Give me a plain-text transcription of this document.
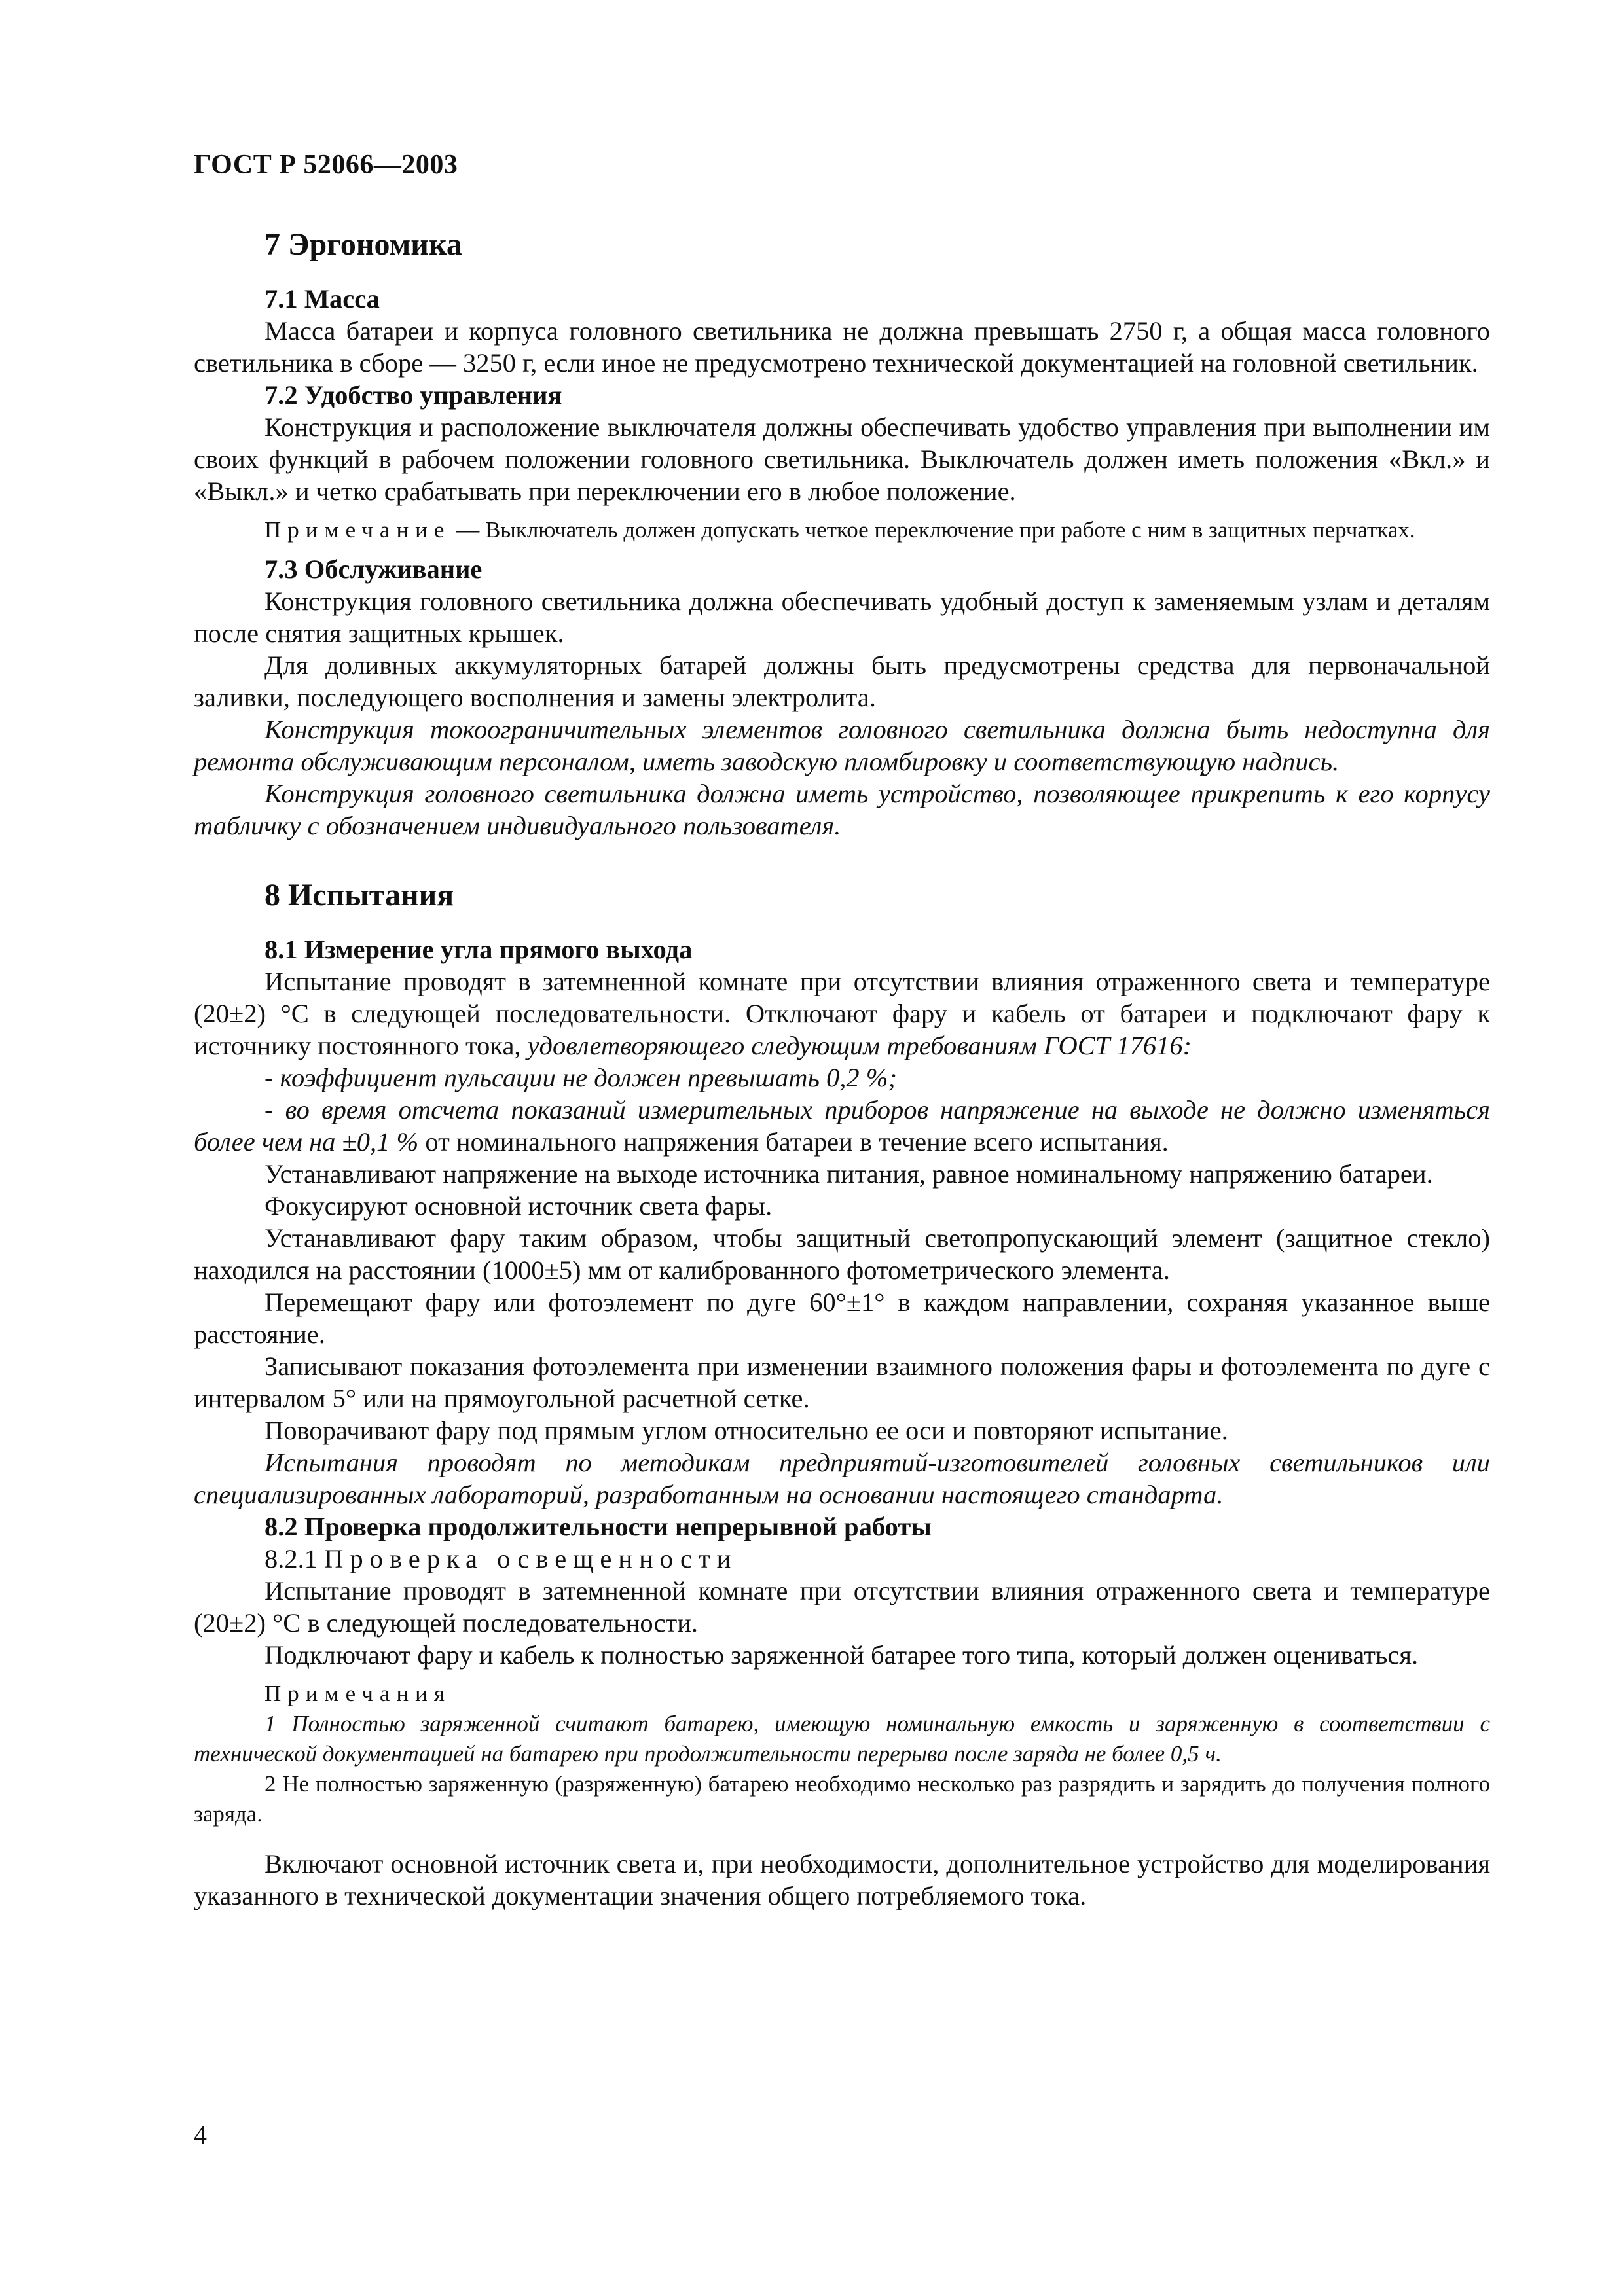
ГОСТ Р 52066—2003

7 Эргономика

7.1 Масса

Масса батареи и корпуса головного светильника не должна превышать 2750 г, а общая масса головного светильника в сборе — 3250 г, если иное не предусмотрено технической документацией на головной светильник.

7.2 Удобство управления

Конструкция и расположение выключателя должны обеспечивать удобство управления при выполнении им своих функций в рабочем положении головного светильника. Выключатель должен иметь положения «Вкл.» и «Выкл.» и четко срабатывать при переключении его в любое положение.

Примечание — Выключатель должен допускать четкое переключение при работе с ним в защитных перчатках.

7.3 Обслуживание

Конструкция головного светильника должна обеспечивать удобный доступ к заменяемым узлам и деталям после снятия защитных крышек.

Для доливных аккумуляторных батарей должны быть предусмотрены средства для первоначальной заливки, последующего восполнения и замены электролита.

Конструкция токоограничительных элементов головного светильника должна быть недоступна для ремонта обслуживающим персоналом, иметь заводскую пломбировку и соответствующую надпись.

Конструкция головного светильника должна иметь устройство, позволяющее прикрепить к его корпусу табличку с обозначением индивидуального пользователя.

8 Испытания

8.1 Измерение угла прямого выхода

Испытание проводят в затемненной комнате при отсутствии влияния отраженного света и температуре (20±2) °С в следующей последовательности. Отключают фару и кабель от батареи и подключают фару к источнику постоянного тока, удовлетворяющего следующим требованиям ГОСТ 17616:

- коэффициент пульсации не должен превышать 0,2 %;

- во время отсчета показаний измерительных приборов напряжение на выходе не должно изменяться более чем на ±0,1 % от номинального напряжения батареи в течение всего испытания.

Устанавливают напряжение на выходе источника питания, равное номинальному напряжению батареи.

Фокусируют основной источник света фары.

Устанавливают фару таким образом, чтобы защитный светопропускающий элемент (защитное стекло) находился на расстоянии (1000±5) мм от калиброванного фотометрического элемента.

Перемещают фару или фотоэлемент по дуге 60°±1° в каждом направлении, сохраняя указанное выше расстояние.

Записывают показания фотоэлемента при изменении взаимного положения фары и фотоэлемента по дуге с интервалом 5° или на прямоугольной расчетной сетке.

Поворачивают фару под прямым углом относительно ее оси и повторяют испытание.

Испытания проводят по методикам предприятий-изготовителей головных светильников или специализированных лабораторий, разработанным на основании настоящего стандарта.

8.2 Проверка продолжительности непрерывной работы

8.2.1 Проверка освещенности

Испытание проводят в затемненной комнате при отсутствии влияния отраженного света и температуре (20±2) °С в следующей последовательности.

Подключают фару и кабель к полностью заряженной батарее того типа, который должен оцениваться.

Примечания

1 Полностью заряженной считают батарею, имеющую номинальную емкость и заряженную в соответствии с технической документацией на батарею при продолжительности перерыва после заряда не более 0,5 ч.

2 Не полностью заряженную (разряженную) батарею необходимо несколько раз разрядить и зарядить до получения полного заряда.

Включают основной источник света и, при необходимости, дополнительное устройство для моделирования указанного в технической документации значения общего потребляемого тока.

4
